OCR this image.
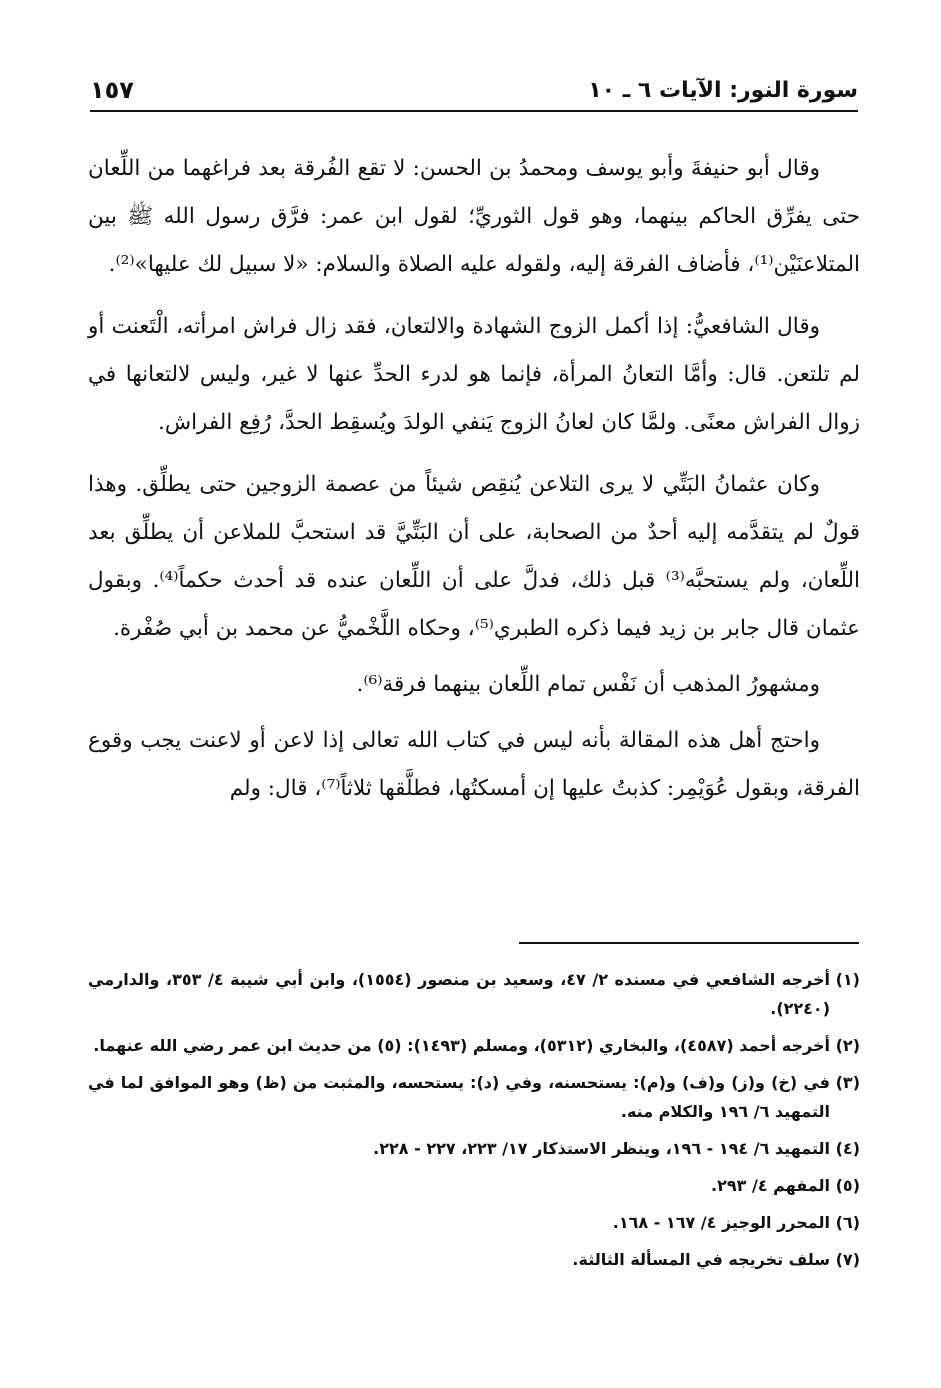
سورة النور: الآيات ٦ ـ ١٠
١٥٧

وقال أبو حنيفةَ وأبو يوسف ومحمدُ بن الحسن: لا تقع الفُرقة بعد فراغهما من اللِّعان حتى يفرِّق الحاكم بينهما، وهو قول الثوريِّ؛ لقول ابن عمر: فرَّق رسول الله ﷺ بين المتلاعنَيْن⁽¹⁾، فأضاف الفرقة إليه، ولقوله عليه الصلاة والسلام: «لا سبيل لك عليها»⁽²⁾.

وقال الشافعيُّ: إذا أكمل الزوج الشهادة والالتعان، فقد زال فراش امرأته، الْتَعنت أو لم تلتعن. قال: وأمَّا التعانُ المرأة، فإنما هو لدرء الحدِّ عنها لا غير، وليس لالتعانها في زوال الفراش معنًى. ولمَّا كان لعانُ الزوج يَنفي الولدَ ويُسقِط الحدَّ، رُفِع الفراش.

وكان عثمانُ البَتِّي لا يرى التلاعن يُنقِص شيئاً من عصمة الزوجين حتى يطلِّق. وهذا قولٌ لم يتقدَّمه إليه أحدٌ من الصحابة، على أن البَتِّيَّ قد استحبَّ للملاعن أن يطلِّق بعد اللِّعان، ولم يستحبَّه⁽³⁾ قبل ذلك، فدلَّ على أن اللِّعان عنده قد أحدث حكماً⁽⁴⁾. وبقول عثمان قال جابر بن زيد فيما ذكره الطبري⁽⁵⁾، وحكاه اللَّخْميُّ عن محمد بن أبي صُفْرة.

ومشهورُ المذهب أن نَفْس تمام اللِّعان بينهما فرقة⁽⁶⁾.

واحتج أهل هذه المقالة بأنه ليس في كتاب الله تعالى إذا لاعن أو لاعنت يجب وقوع الفرقة، وبقول عُوَيْمِر: كذبتُ عليها إن أمسكتُها، فطلَّقها ثلاثاً⁽⁷⁾، قال: ولم

(١)أخرجه الشافعي في مسنده ٢/ ٤٧، وسعيد بن منصور (١٥٥٤)، وابن أبي شيبة ٤/ ٣٥٣، والدارمي (٢٢٤٠).

(٢)أخرجه أحمد (٤٥٨٧)، والبخاري (٥٣١٢)، ومسلم (١٤٩٣): (٥) من حديث ابن عمر رضي الله عنهما.

(٣)في (خ) و(ز) و(ف) و(م): يستحسنه، وفي (د): يستحسه، والمثبت من (ظ) وهو الموافق لما في التمهيد ٦/ ١٩٦ والكلام منه.

(٤)التمهيد ٦/ ١٩٤ - ١٩٦، وينظر الاستذكار ١٧/ ٢٢٣، ٢٢٧ - ٢٢٨.

(٥)المفهم ٤/ ٢٩٣.

(٦)المحرر الوجيز ٤/ ١٦٧ - ١٦٨.

(٧)سلف تخريجه في المسألة الثالثة.
